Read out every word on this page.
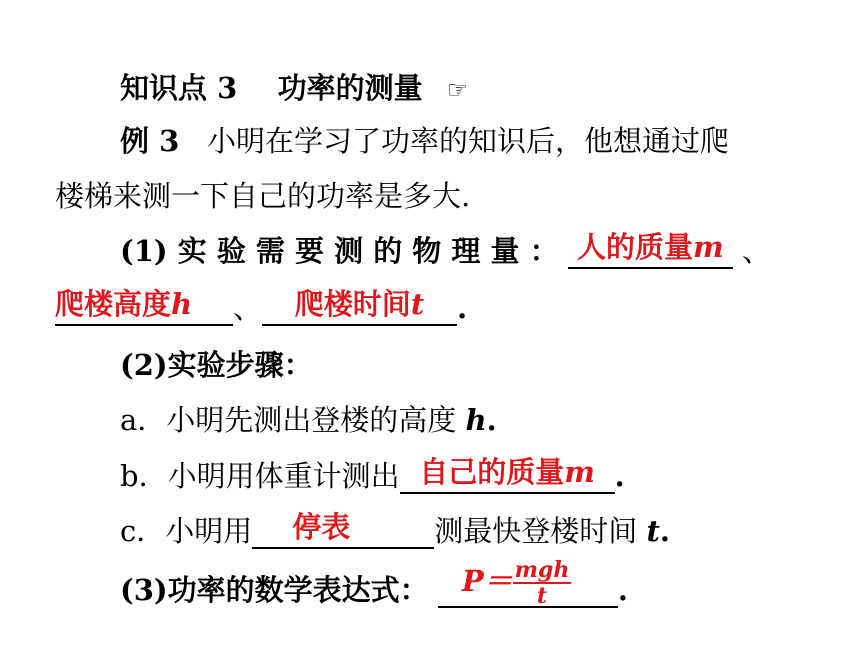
知识点 3 功率的测量 ☞
例 3 小明在学习了功率的知识后，他想通过爬
楼梯来测一下自己的功率是多大.
(1) 实 验 需 要 测 的 物 理 量 ： 人的质量m 、
爬楼高度h	、	爬楼时间t	.
(2)实验步骤：
a．小明先测出登楼的高度 h.
b．小明用体重计测出 自己的质量m .
c．小明用	停表	测最快登楼时间 t.
(3)功率的数学表达式：	$P= \frac{\text{mgh}}{t}$ .
